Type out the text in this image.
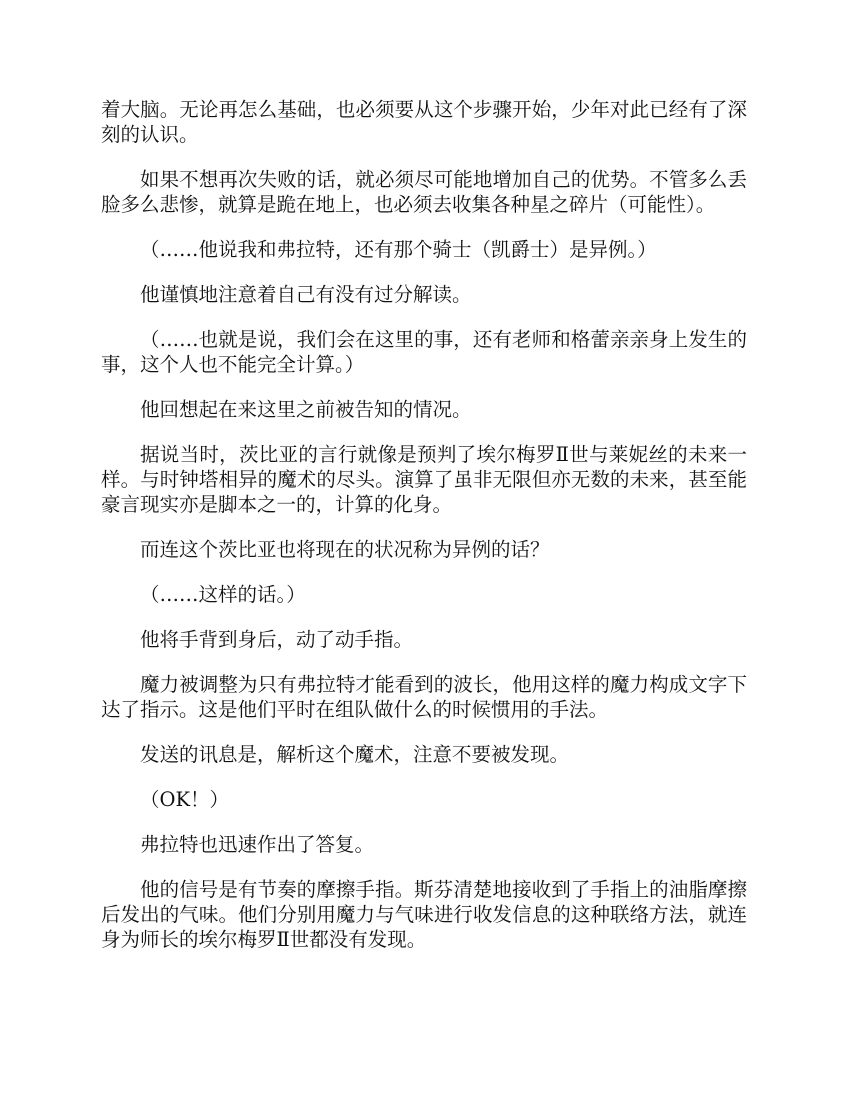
着大脑。无论再怎么基础，也必须要从这个步骤开始，少年对此已经有了深刻的认识。

如果不想再次失败的话，就必须尽可能地增加自己的优势。不管多么丢脸多么悲惨，就算是跪在地上，也必须去收集各种星之碎片（可能性）。

（……他说我和弗拉特，还有那个骑士（凯爵士）是异例。）

他谨慎地注意着自己有没有过分解读。

（……也就是说，我们会在这里的事，还有老师和格蕾亲亲身上发生的事，这个人也不能完全计算。）

他回想起在来这里之前被告知的情况。

据说当时，茨比亚的言行就像是预判了埃尔梅罗Ⅱ世与莱妮丝的未来一样。与时钟塔相异的魔术的尽头。演算了虽非无限但亦无数的未来，甚至能豪言现实亦是脚本之一的，计算的化身。

而连这个茨比亚也将现在的状况称为异例的话？

（……这样的话。）

他将手背到身后，动了动手指。

魔力被调整为只有弗拉特才能看到的波长，他用这样的魔力构成文字下达了指示。这是他们平时在组队做什么的时候惯用的手法。

发送的讯息是，解析这个魔术，注意不要被发现。

（OK！）

弗拉特也迅速作出了答复。

他的信号是有节奏的摩擦手指。斯芬清楚地接收到了手指上的油脂摩擦后发出的气味。他们分别用魔力与气味进行收发信息的这种联络方法，就连身为师长的埃尔梅罗Ⅱ世都没有发现。
